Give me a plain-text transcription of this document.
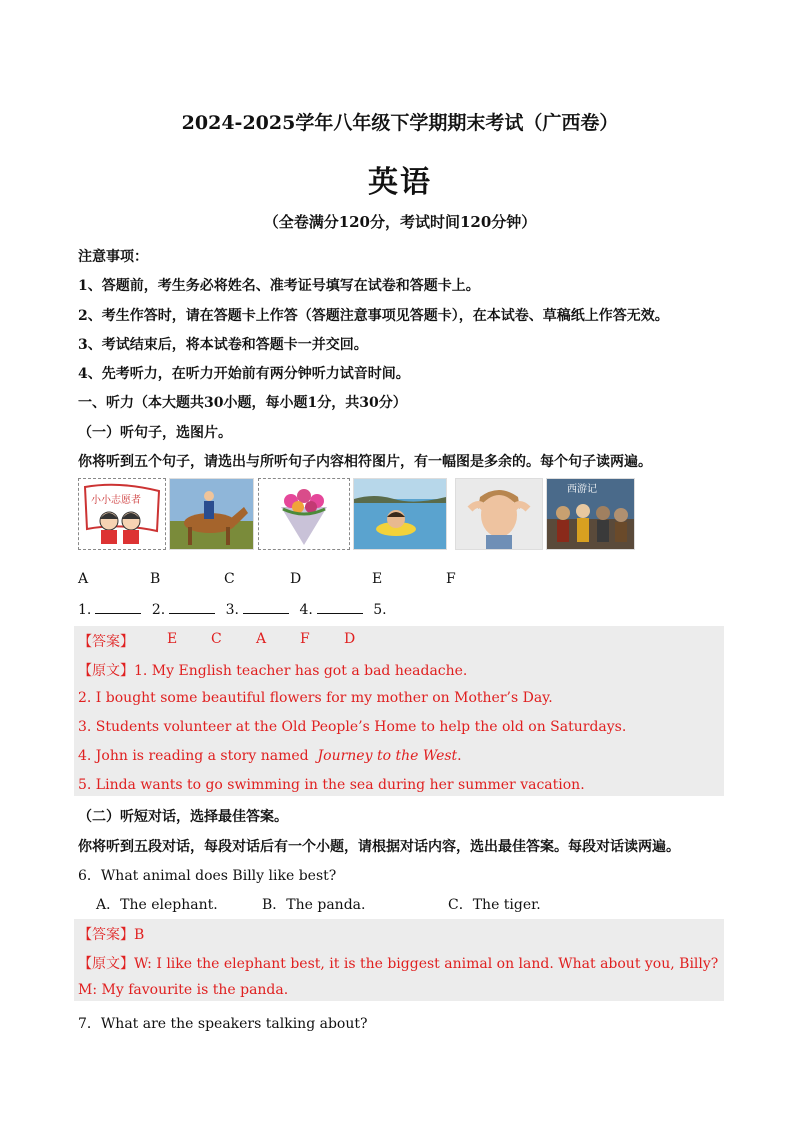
2024-2025学年八年级下学期期末考试（广西卷）
英语
（全卷满分120分，考试时间120分钟）
注意事项：
1、答题前，考生务必将姓名、准考证号填写在试卷和答题卡上。
2、考生作答时，请在答题卡上作答（答题注意事项见答题卡），在本试卷、草稿纸上作答无效。
3、考试结束后，将本试卷和答题卡一并交回。
4、先考听力，在听力开始前有两分钟听力试音时间。
一、听力（本大题共30小题，每小题1分，共30分）
（一）听句子，选图片。
你将听到五个句子，请选出与所听句子内容相符图片，有一幅图是多余的。每个句子读两遍。
小小志愿者
西游记
A	B	C	D	E	F
1.	2.	3.	4.	5.
【答案】 E C A F D
【原文】1. My English teacher has got a bad headache.
2. I bought some beautiful flowers for my mother on Mother’s Day.
3. Students volunteer at the Old People’s Home to help the old on Saturdays.
4. John is reading a story named Journey to the West.
5. Linda wants to go swimming in the sea during her summer vacation.
（二）听短对话，选择最佳答案。
你将听到五段对话，每段对话后有一个小题，请根据对话内容，选出最佳答案。每段对话读两遍。
6．What animal does Billy like best?
A．The elephant.	B．The panda.	C．The tiger.
【答案】B
【原文】W: I like the elephant best, it is the biggest animal on land. What about you, Billy?
M: My favourite is the panda.
7．What are the speakers talking about?
